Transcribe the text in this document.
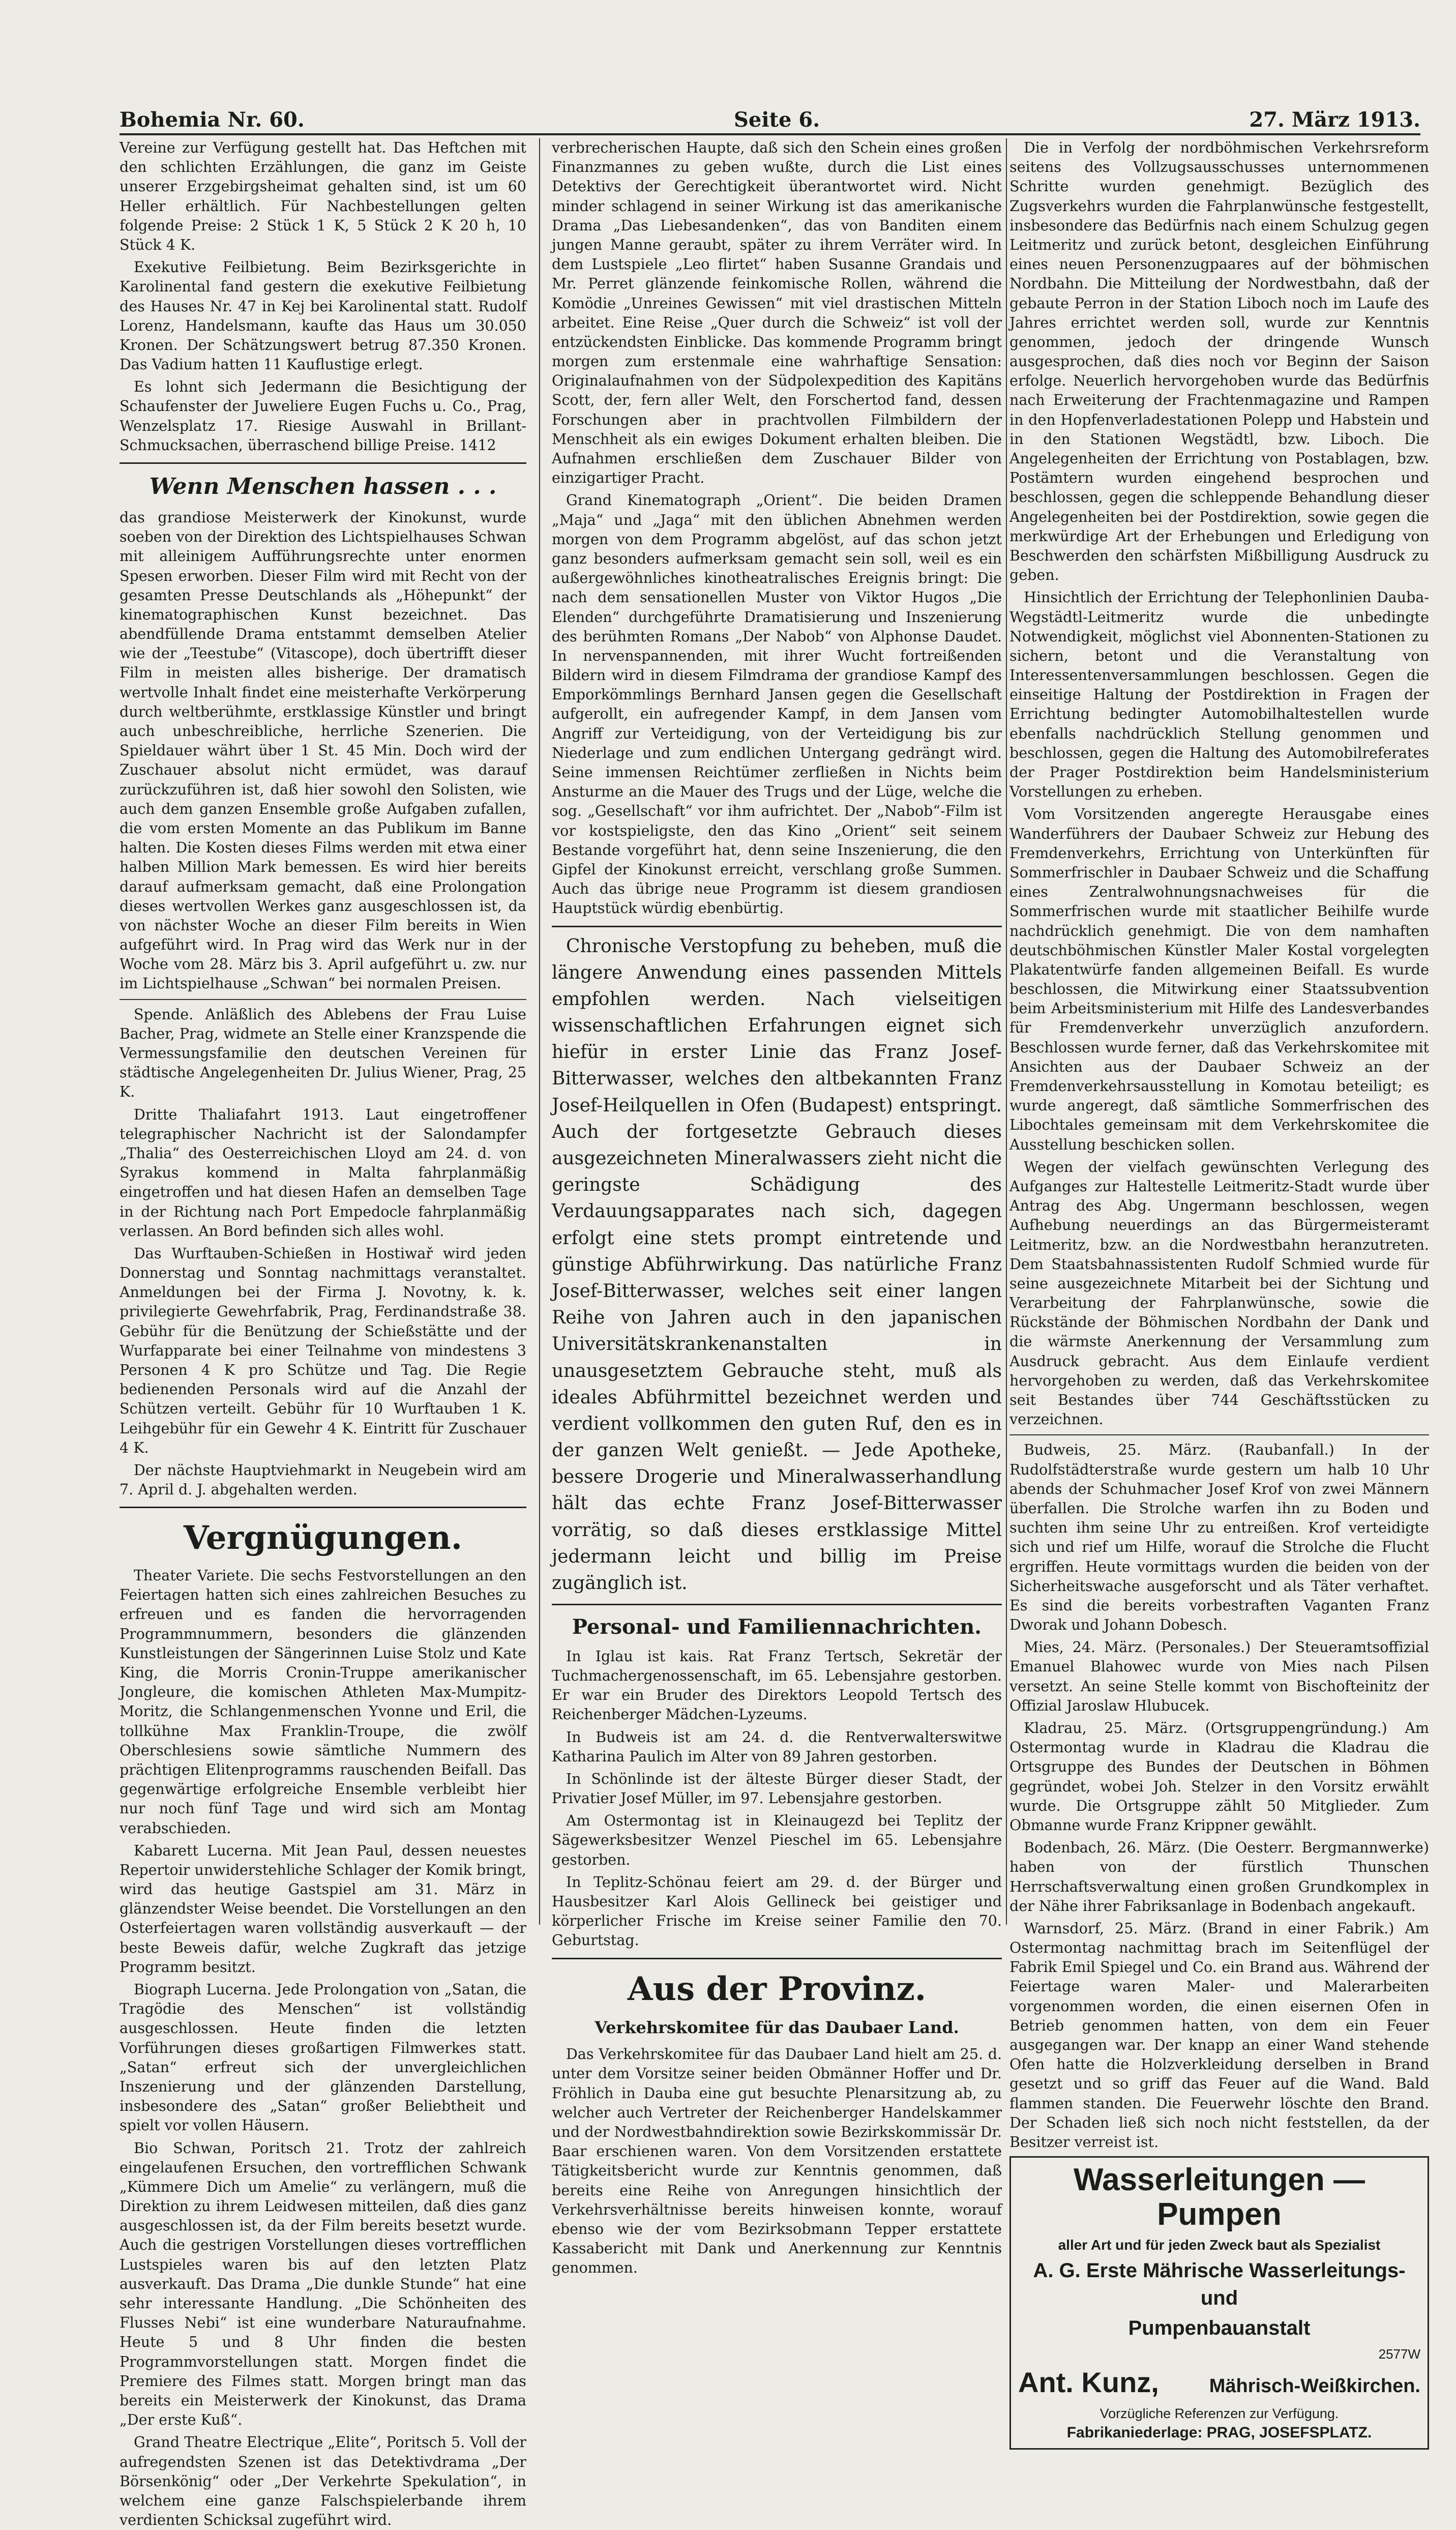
Bohemia Nr. 60.	Seite 6.	27. März 1913.

Vereine zur Verfügung gestellt hat. Das Heftchen mit den schlichten Erzählungen, die ganz im Geiste unserer Erzgebirgsheimat gehalten sind, ist um 60 Heller erhältlich. Für Nachbestellungen gelten folgende Preise: 2 Stück 1 K, 5 Stück 2 K 20 h, 10 Stück 4 K.

Exekutive Feilbietung. Beim Bezirksgerichte in Karolinental fand gestern die exekutive Feilbietung des Hauses Nr. 47 in Kej bei Karolinental statt. Rudolf Lorenz, Handelsmann, kaufte das Haus um 30.050 Kronen. Der Schätzungswert betrug 87.350 Kronen. Das Vadium hatten 11 Kauflustige erlegt.

Es lohnt sich Jedermann die Besichtigung der Schaufenster der Juweliere Eugen Fuchs u. Co., Prag, Wenzelsplatz 17. Riesige Auswahl in Brillant-Schmucksachen, überraschend billige Preise. 1412

Wenn Menschen hassen . . .

das grandiose Meisterwerk der Kinokunst, wurde soeben von der Direktion des Lichtspielhauses Schwan mit alleinigem Aufführungsrechte unter enormen Spesen erworben. Dieser Film wird mit Recht von der gesamten Presse Deutschlands als „Höhepunkt“ der kinematographischen Kunst bezeichnet. Das abendfüllende Drama entstammt demselben Atelier wie der „Teestube“ (Vitascope), doch übertrifft dieser Film in meisten alles bisherige. Der dramatisch wertvolle Inhalt findet eine meisterhafte Verkörperung durch weltberühmte, erstklassige Künstler und bringt auch unbeschreibliche, herrliche Szenerien. Die Spieldauer währt über 1 St. 45 Min. Doch wird der Zuschauer absolut nicht ermüdet, was darauf zurückzuführen ist, daß hier sowohl den Solisten, wie auch dem ganzen Ensemble große Aufgaben zufallen, die vom ersten Momente an das Publikum im Banne halten. Die Kosten dieses Films werden mit etwa einer halben Million Mark bemessen. Es wird hier bereits darauf aufmerksam gemacht, daß eine Prolongation dieses wertvollen Werkes ganz ausgeschlossen ist, da von nächster Woche an dieser Film bereits in Wien aufgeführt wird. In Prag wird das Werk nur in der Woche vom 28. März bis 3. April aufgeführt u. zw. nur im Lichtspielhause „Schwan“ bei normalen Preisen.

Spende. Anläßlich des Ablebens der Frau Luise Bacher, Prag, widmete an Stelle einer Kranzspende die Vermessungsfamilie den deutschen Vereinen für städtische Angelegenheiten Dr. Julius Wiener, Prag, 25 K.

Dritte Thaliafahrt 1913. Laut eingetroffener telegraphischer Nachricht ist der Salondampfer „Thalia“ des Oesterreichischen Lloyd am 24. d. von Syrakus kommend in Malta fahrplanmäßig eingetroffen und hat diesen Hafen an demselben Tage in der Richtung nach Port Empedocle fahrplanmäßig verlassen. An Bord befinden sich alles wohl.

Das Wurftauben-Schießen in Hostiwař wird jeden Donnerstag und Sonntag nachmittags veranstaltet. Anmeldungen bei der Firma J. Novotny, k. k. privilegierte Gewehrfabrik, Prag, Ferdinandstraße 38. Gebühr für die Benützung der Schießstätte und der Wurfapparate bei einer Teilnahme von mindestens 3 Personen 4 K pro Schütze und Tag. Die Regie bedienenden Personals wird auf die Anzahl der Schützen verteilt. Gebühr für 10 Wurftauben 1 K. Leihgebühr für ein Gewehr 4 K. Eintritt für Zuschauer 4 K.

Der nächste Hauptviehmarkt in Neugebein wird am 7. April d. J. abgehalten werden.

Vergnügungen.

Theater Variete. Die sechs Festvorstellungen an den Feiertagen hatten sich eines zahlreichen Besuches zu erfreuen und es fanden die hervorragenden Programmnummern, besonders die glänzenden Kunstleistungen der Sängerinnen Luise Stolz und Kate King, die Morris Cronin-Truppe amerikanischer Jongleure, die komischen Athleten Max-Mumpitz-Moritz, die Schlangenmenschen Yvonne und Eril, die tollkühne Max Franklin-Troupe, die zwölf Oberschlesiens sowie sämtliche Nummern des prächtigen Elitenprogramms rauschenden Beifall. Das gegenwärtige erfolgreiche Ensemble verbleibt hier nur noch fünf Tage und wird sich am Montag verabschieden.

Kabarett Lucerna. Mit Jean Paul, dessen neuestes Repertoir unwiderstehliche Schlager der Komik bringt, wird das heutige Gastspiel am 31. März in glänzendster Weise beendet. Die Vorstellungen an den Osterfeiertagen waren vollständig ausverkauft — der beste Beweis dafür, welche Zugkraft das jetzige Programm besitzt.

Biograph Lucerna. Jede Prolongation von „Satan, die Tragödie des Menschen“ ist vollständig ausgeschlossen. Heute finden die letzten Vorführungen dieses großartigen Filmwerkes statt. „Satan“ erfreut sich der unvergleichlichen Inszenierung und der glänzenden Darstellung, insbesondere des „Satan“ großer Beliebtheit und spielt vor vollen Häusern.

Bio Schwan, Poritsch 21. Trotz der zahlreich eingelaufenen Ersuchen, den vortrefflichen Schwank „Kümmere Dich um Amelie“ zu verlängern, muß die Direktion zu ihrem Leidwesen mitteilen, daß dies ganz ausgeschlossen ist, da der Film bereits besetzt wurde. Auch die gestrigen Vorstellungen dieses vortrefflichen Lustspieles waren bis auf den letzten Platz ausverkauft. Das Drama „Die dunkle Stunde“ hat eine sehr interessante Handlung. „Die Schönheiten des Flusses Nebi“ ist eine wunderbare Naturaufnahme. Heute 5 und 8 Uhr finden die besten Programmvorstellungen statt. Morgen findet die Premiere des Filmes statt. Morgen bringt man das bereits ein Meisterwerk der Kinokunst, das Drama „Der erste Kuß“.

Grand Theatre Electrique „Elite“, Poritsch 5. Voll der aufregendsten Szenen ist das Detektivdrama „Der Börsenkönig“ oder „Der Verkehrte Spekulation“, in welchem eine ganze Falschspielerbande ihrem verdienten Schicksal zugeführt wird.

verbrecherischen Haupte, daß sich den Schein eines großen Finanzmannes zu geben wußte, durch die List eines Detektivs der Gerechtigkeit überantwortet wird. Nicht minder schlagend in seiner Wirkung ist das amerikanische Drama „Das Liebesandenken“, das von Banditen einem jungen Manne geraubt, später zu ihrem Verräter wird. In dem Lustspiele „Leo flirtet“ haben Susanne Grandais und Mr. Perret glänzende feinkomische Rollen, während die Komödie „Unreines Gewissen“ mit viel drastischen Mitteln arbeitet. Eine Reise „Quer durch die Schweiz“ ist voll der entzückendsten Einblicke. Das kommende Programm bringt morgen zum erstenmale eine wahrhaftige Sensation: Originalaufnahmen von der Südpolexpedition des Kapitäns Scott, der, fern aller Welt, den Forschertod fand, dessen Forschungen aber in prachtvollen Filmbildern der Menschheit als ein ewiges Dokument erhalten bleiben. Die Aufnahmen erschließen dem Zuschauer Bilder von einzigartiger Pracht.

Grand Kinematograph „Orient“. Die beiden Dramen „Maja“ und „Jaga“ mit den üblichen Abnehmen werden morgen von dem Programm abgelöst, auf das schon jetzt ganz besonders aufmerksam gemacht sein soll, weil es ein außergewöhnliches kinotheatralisches Ereignis bringt: Die nach dem sensationellen Muster von Viktor Hugos „Die Elenden“ durchgeführte Dramatisierung und Inszenierung des berühmten Romans „Der Nabob“ von Alphonse Daudet. In nervenspannenden, mit ihrer Wucht fortreißenden Bildern wird in diesem Filmdrama der grandiose Kampf des Emporkömmlings Bernhard Jansen gegen die Gesellschaft aufgerollt, ein aufregender Kampf, in dem Jansen vom Angriff zur Verteidigung, von der Verteidigung bis zur Niederlage und zum endlichen Untergang gedrängt wird. Seine immensen Reichtümer zerfließen in Nichts beim Ansturme an die Mauer des Trugs und der Lüge, welche die sog. „Gesellschaft“ vor ihm aufrichtet. Der „Nabob“-Film ist vor kostspieligste, den das Kino „Orient“ seit seinem Bestande vorgeführt hat, denn seine Inszenierung, die den Gipfel der Kinokunst erreicht, verschlang große Summen. Auch das übrige neue Programm ist diesem grandiosen Hauptstück würdig ebenbürtig.

Chronische Verstopfung zu beheben, muß die längere Anwendung eines passenden Mittels empfohlen werden. Nach vielseitigen wissenschaftlichen Erfahrungen eignet sich hiefür in erster Linie das Franz Josef-Bitterwasser, welches den altbekannten Franz Josef-Heilquellen in Ofen (Budapest) entspringt. Auch der fortgesetzte Gebrauch dieses ausgezeichneten Mineralwassers zieht nicht die geringste Schädigung des Verdauungsapparates nach sich, dagegen erfolgt eine stets prompt eintretende und günstige Abführwirkung. Das natürliche Franz Josef-Bitterwasser, welches seit einer langen Reihe von Jahren auch in den japanischen Universitätskrankenanstalten in unausgesetztem Gebrauche steht, muß als ideales Abführmittel bezeichnet werden und verdient vollkommen den guten Ruf, den es in der ganzen Welt genießt. — Jede Apotheke, bessere Drogerie und Mineralwasserhandlung hält das echte Franz Josef-Bitterwasser vorrätig, so daß dieses erstklassige Mittel jedermann leicht und billig im Preise zugänglich ist.

Personal- und Familiennachrichten.

In Iglau ist kais. Rat Franz Tertsch, Sekretär der Tuchmachergenossenschaft, im 65. Lebensjahre gestorben. Er war ein Bruder des Direktors Leopold Tertsch des Reichenberger Mädchen-Lyzeums.

In Budweis ist am 24. d. die Rentverwalterswitwe Katharina Paulich im Alter von 89 Jahren gestorben.

In Schönlinde ist der älteste Bürger dieser Stadt, der Privatier Josef Müller, im 97. Lebensjahre gestorben.

Am Ostermontag ist in Kleinaugezd bei Teplitz der Sägewerksbesitzer Wenzel Pieschel im 65. Lebensjahre gestorben.

In Teplitz-Schönau feiert am 29. d. der Bürger und Hausbesitzer Karl Alois Gellineck bei geistiger und körperlicher Frische im Kreise seiner Familie den 70. Geburtstag.

Aus der Provinz.
Verkehrskomitee für das Daubaer Land.

Das Verkehrskomitee für das Daubaer Land hielt am 25. d. unter dem Vorsitze seiner beiden Obmänner Hoffer und Dr. Fröhlich in Dauba eine gut besuchte Plenarsitzung ab, zu welcher auch Vertreter der Reichenberger Handelskammer und der Nordwestbahndirektion sowie Bezirkskommissär Dr. Baar erschienen waren. Von dem Vorsitzenden erstattete Tätigkeitsbericht wurde zur Kenntnis genommen, daß bereits eine Reihe von Anregungen hinsichtlich der Verkehrsverhältnisse bereits hinweisen konnte, worauf ebenso wie der vom Bezirksobmann Tepper erstattete Kassabericht mit Dank und Anerkennung zur Kenntnis genommen.

Die in Verfolg der nordböhmischen Verkehrsreform seitens des Vollzugsausschusses unternommenen Schritte wurden genehmigt. Bezüglich des Zugsverkehrs wurden die Fahrplanwünsche festgestellt, insbesondere das Bedürfnis nach einem Schulzug gegen Leitmeritz und zurück betont, desgleichen Einführung eines neuen Personenzugpaares auf der böhmischen Nordbahn. Die Mitteilung der Nordwestbahn, daß der gebaute Perron in der Station Liboch noch im Laufe des Jahres errichtet werden soll, wurde zur Kenntnis genommen, jedoch der dringende Wunsch ausgesprochen, daß dies noch vor Beginn der Saison erfolge. Neuerlich hervorgehoben wurde das Bedürfnis nach Erweiterung der Frachtenmagazine und Rampen in den Hopfenverladestationen Polepp und Habstein und in den Stationen Wegstädtl, bzw. Liboch. Die Angelegenheiten der Errichtung von Postablagen, bzw. Postämtern wurden eingehend besprochen und beschlossen, gegen die schleppende Behandlung dieser Angelegenheiten bei der Postdirektion, sowie gegen die merkwürdige Art der Erhebungen und Erledigung von Beschwerden den schärfsten Mißbilligung Ausdruck zu geben.

Hinsichtlich der Errichtung der Telephonlinien Dauba-Wegstädtl-Leitmeritz wurde die unbedingte Notwendigkeit, möglichst viel Abonnenten-Stationen zu sichern, betont und die Veranstaltung von Interessentenversammlungen beschlossen. Gegen die einseitige Haltung der Postdirektion in Fragen der Errichtung bedingter Automobilhaltestellen wurde ebenfalls nachdrücklich Stellung genommen und beschlossen, gegen die Haltung des Automobilreferates der Prager Postdirektion beim Handelsministerium Vorstellungen zu erheben.

Vom Vorsitzenden angeregte Herausgabe eines Wanderführers der Daubaer Schweiz zur Hebung des Fremdenverkehrs, Errichtung von Unterkünften für Sommerfrischler in Daubaer Schweiz und die Schaffung eines Zentralwohnungsnachweises für die Sommerfrischen wurde mit staatlicher Beihilfe wurde nachdrücklich genehmigt. Die von dem namhaften deutschböhmischen Künstler Maler Kostal vorgelegten Plakatentwürfe fanden allgemeinen Beifall. Es wurde beschlossen, die Mitwirkung einer Staatssubvention beim Arbeitsministerium mit Hilfe des Landesverbandes für Fremdenverkehr unverzüglich anzufordern. Beschlossen wurde ferner, daß das Verkehrskomitee mit Ansichten aus der Daubaer Schweiz an der Fremdenverkehrsausstellung in Komotau beteiligt; es wurde angeregt, daß sämtliche Sommerfrischen des Libochtales gemeinsam mit dem Verkehrskomitee die Ausstellung beschicken sollen.

Wegen der vielfach gewünschten Verlegung des Aufganges zur Haltestelle Leitmeritz-Stadt wurde über Antrag des Abg. Ungermann beschlossen, wegen Aufhebung neuerdings an das Bürgermeisteramt Leitmeritz, bzw. an die Nordwestbahn heranzutreten. Dem Staatsbahnassistenten Rudolf Schmied wurde für seine ausgezeichnete Mitarbeit bei der Sichtung und Verarbeitung der Fahrplanwünsche, sowie die Rückstände der Böhmischen Nordbahn der Dank und die wärmste Anerkennung der Versammlung zum Ausdruck gebracht. Aus dem Einlaufe verdient hervorgehoben zu werden, daß das Verkehrskomitee seit Bestandes über 744 Geschäftsstücken zu verzeichnen.

Budweis, 25. März. (Raubanfall.) In der Rudolfstädterstraße wurde gestern um halb 10 Uhr abends der Schuhmacher Josef Krof von zwei Männern überfallen. Die Strolche warfen ihn zu Boden und suchten ihm seine Uhr zu entreißen. Krof verteidigte sich und rief um Hilfe, worauf die Strolche die Flucht ergriffen. Heute vormittags wurden die beiden von der Sicherheitswache ausgeforscht und als Täter verhaftet. Es sind die bereits vorbestraften Vaganten Franz Dworak und Johann Dobesch.

Mies, 24. März. (Personales.) Der Steueramtsoffizial Emanuel Blahowec wurde von Mies nach Pilsen versetzt. An seine Stelle kommt von Bischofteinitz der Offizial Jaroslaw Hlubucek.

Kladrau, 25. März. (Ortsgruppengründung.) Am Ostermontag wurde in Kladrau die Kladrau die Ortsgruppe des Bundes der Deutschen in Böhmen gegründet, wobei Joh. Stelzer in den Vorsitz erwählt wurde. Die Ortsgruppe zählt 50 Mitglieder. Zum Obmanne wurde Franz Krippner gewählt.

Bodenbach, 26. März. (Die Oesterr. Bergmannwerke) haben von der fürstlich Thunschen Herrschaftsverwaltung einen großen Grundkomplex in der Nähe ihrer Fabriksanlage in Bodenbach angekauft.

Warnsdorf, 25. März. (Brand in einer Fabrik.) Am Ostermontag nachmittag brach im Seitenflügel der Fabrik Emil Spiegel und Co. ein Brand aus. Während der Feiertage waren Maler- und Malerarbeiten vorgenommen worden, die einen eisernen Ofen in Betrieb genommen hatten, von dem ein Feuer ausgegangen war. Der knapp an einer Wand stehende Ofen hatte die Holzverkleidung derselben in Brand gesetzt und so griff das Feuer auf die Wand. Bald flammen standen. Die Feuerwehr löschte den Brand. Der Schaden ließ sich noch nicht feststellen, da der Besitzer verreist ist.

Wasserleitungen — Pumpen
aller Art und für jeden Zweck baut als Spezialist
A. G. Erste Mährische Wasserleitungs- und
Pumpenbauanstalt
2577W
Ant. Kunz,	Mährisch-Weißkirchen.
Vorzügliche Referenzen zur Verfügung.
Fabrikaniederlage: PRAG, JOSEFSPLATZ.
